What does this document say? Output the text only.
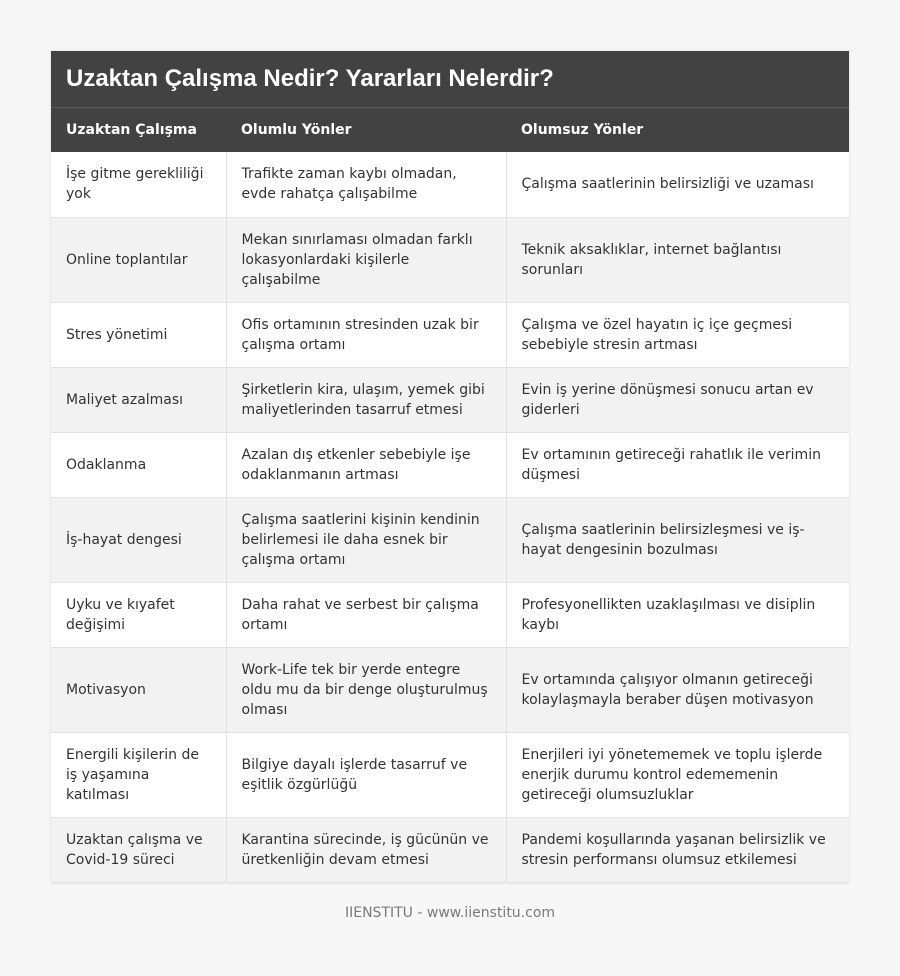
Uzaktan Çalışma Nedir? Yararları Nelerdir?
Uzaktan Çalışma	Olumlu Yönler	Olumsuz Yönler
İşe gitme gerekliliği yok	Trafikte zaman kaybı olmadan, evde rahatça çalışabilme	Çalışma saatlerinin belirsizliği ve uzaması
Online toplantılar	Mekan sınırlaması olmadan farklı lokasyonlardaki kişilerle çalışabilme	Teknik aksaklıklar, internet bağlantısı sorunları
Stres yönetimi	Ofis ortamının stresinden uzak bir çalışma ortamı	Çalışma ve özel hayatın iç içe geçmesi sebebiyle stresin artması
Maliyet azalması	Şirketlerin kira, ulaşım, yemek gibi maliyetlerinden tasarruf etmesi	Evin iş yerine dönüşmesi sonucu artan ev giderleri
Odaklanma	Azalan dış etkenler sebebiyle işe odaklanmanın artması	Ev ortamının getireceği rahatlık ile verimin düşmesi
İş-hayat dengesi	Çalışma saatlerini kişinin kendinin belirlemesi ile daha esnek bir çalışma ortamı	Çalışma saatlerinin belirsizleşmesi ve iş-hayat dengesinin bozulması
Uyku ve kıyafet değişimi	Daha rahat ve serbest bir çalışma ortamı	Profesyonellikten uzaklaşılması ve disiplin kaybı
Motivasyon	Work-Life tek bir yerde entegre oldu mu da bir denge oluşturulmuş olması	Ev ortamında çalışıyor olmanın getireceği kolaylaşmayla beraber düşen motivasyon
Energili kişilerin de iş yaşamına katılması	Bilgiye dayalı işlerde tasarruf ve eşitlik özgürlüğü	Enerjileri iyi yönetememek ve toplu işlerde enerjik durumu kontrol edememenin getireceği olumsuzluklar
Uzaktan çalışma ve Covid-19 süreci	Karantina sürecinde, iş gücünün ve üretkenliğin devam etmesi	Pandemi koşullarında yaşanan belirsizlik ve stresin performansı olumsuz etkilemesi
IIENSTITU - www.iienstitu.com
